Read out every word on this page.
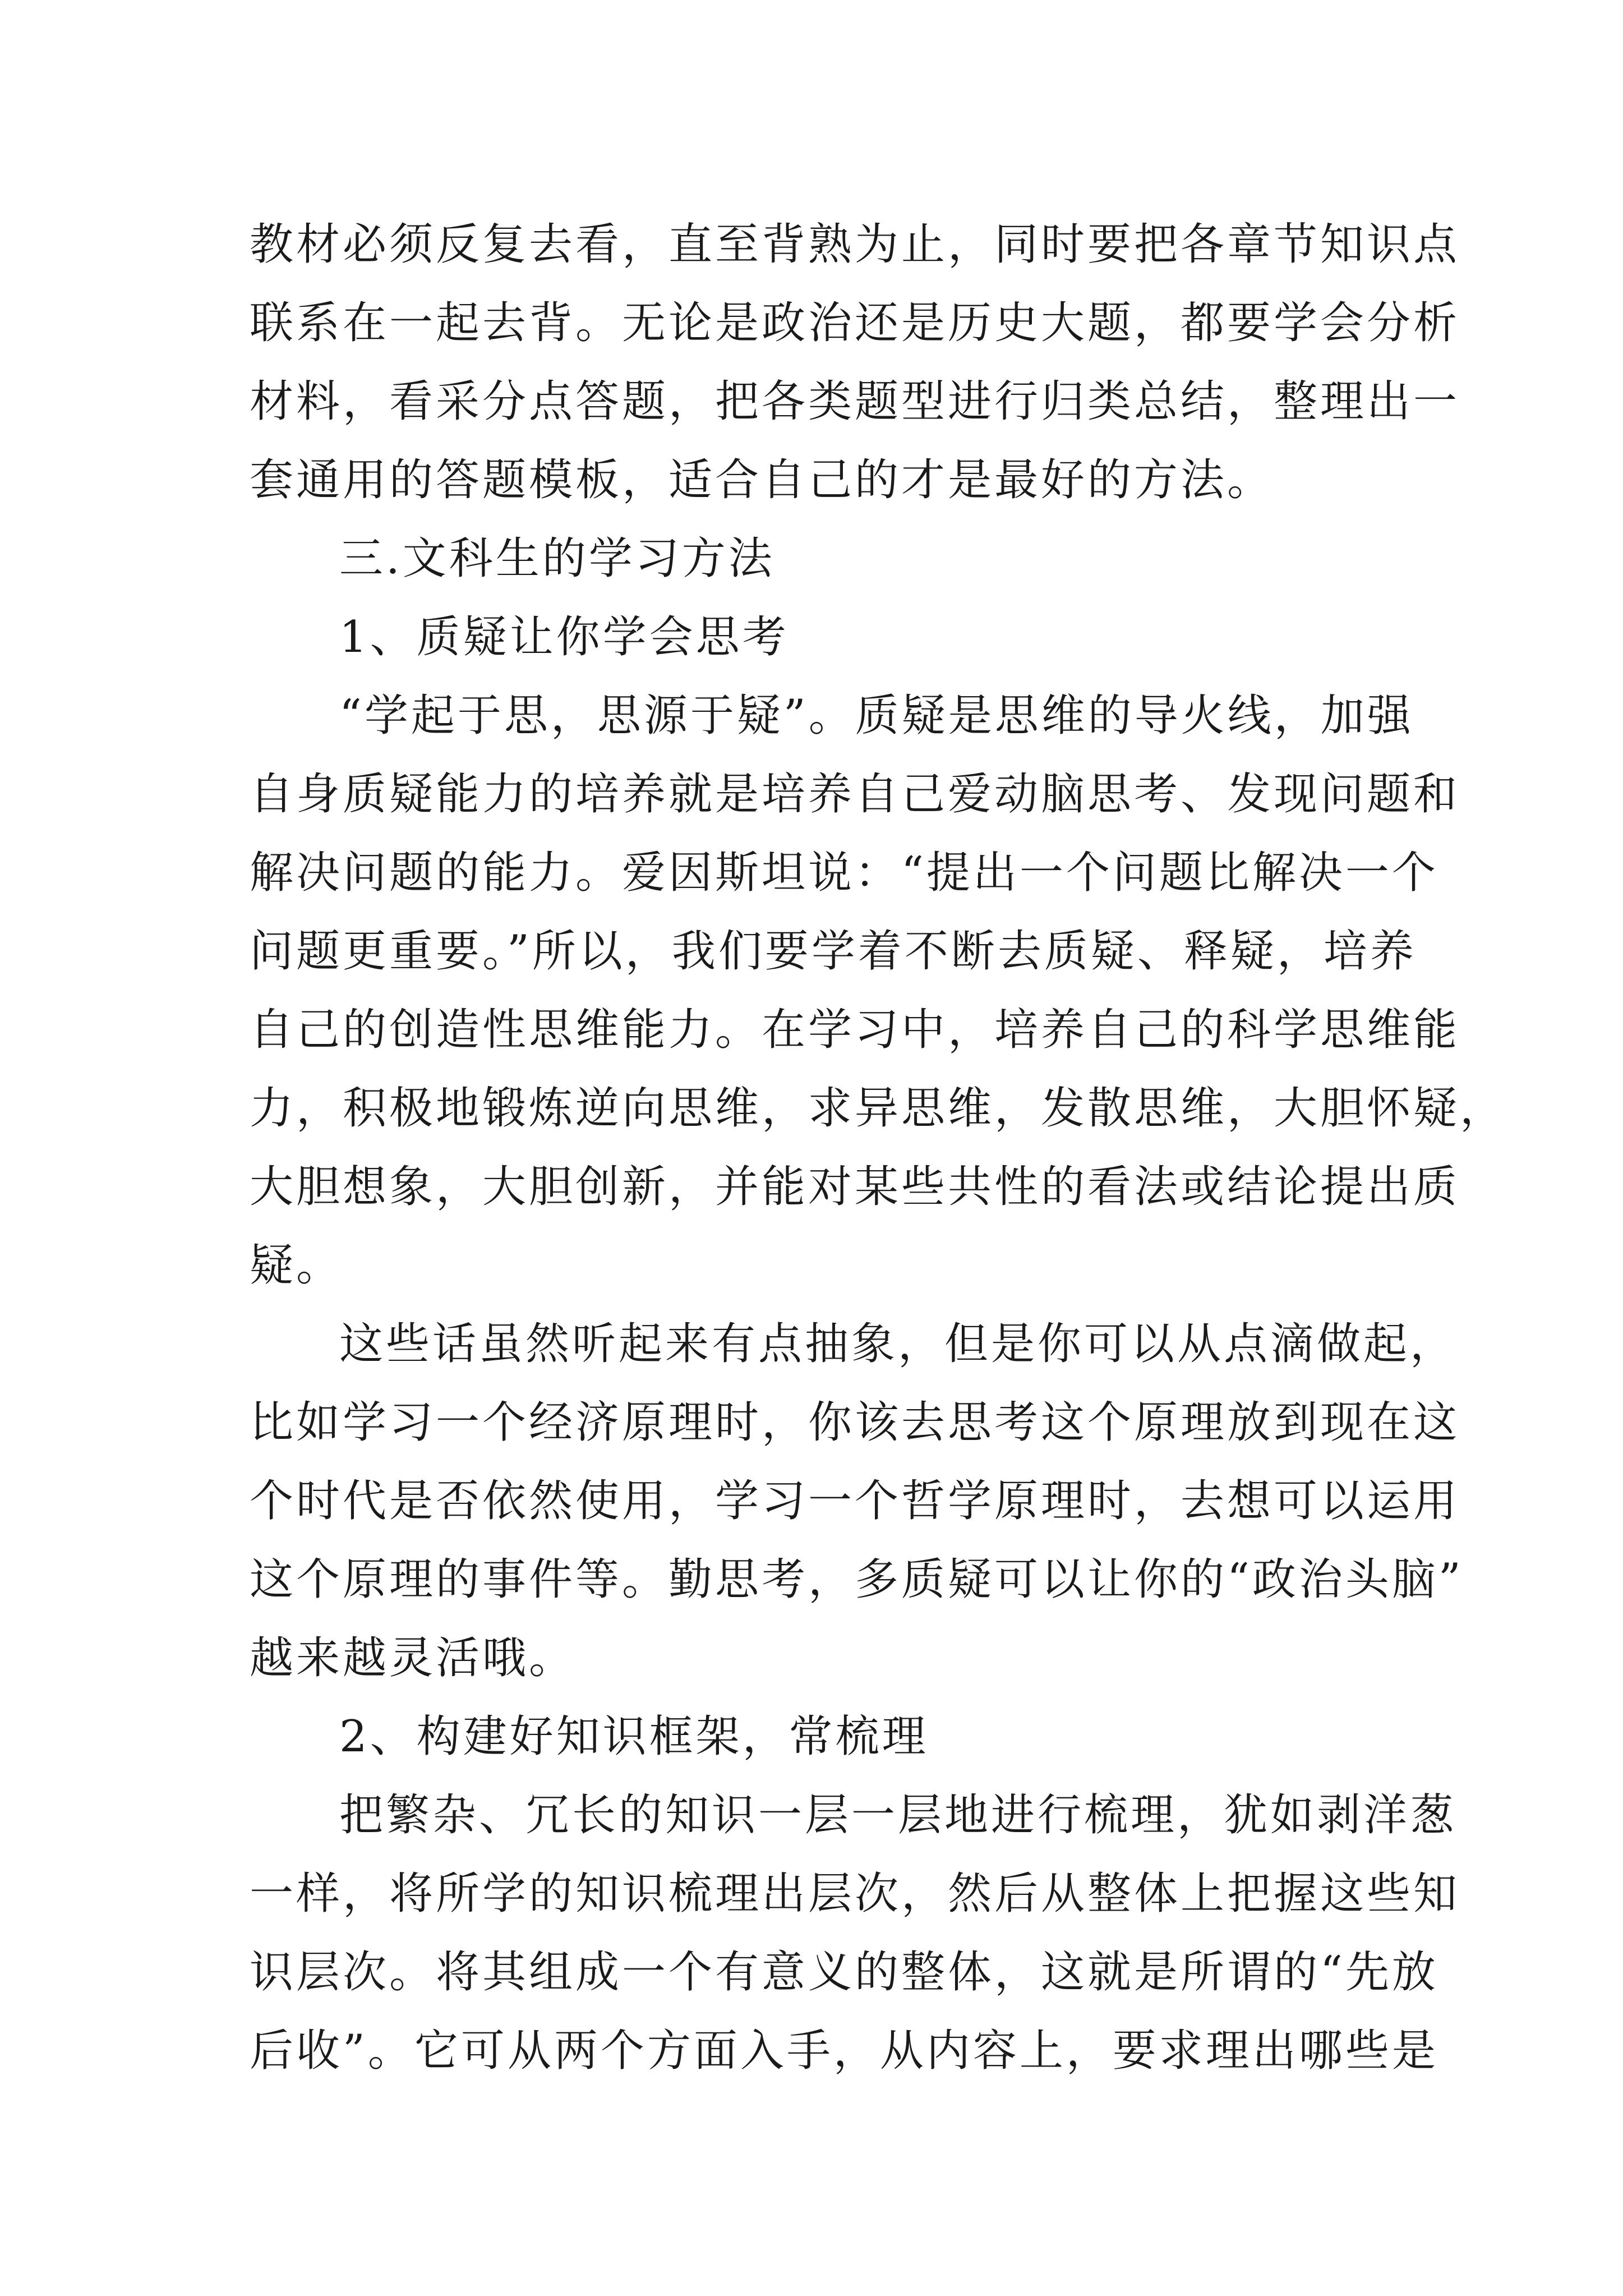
教材必须反复去看，直至背熟为止，同时要把各章节知识点
联系在一起去背。无论是政治还是历史大题，都要学会分析
材料，看采分点答题，把各类题型进行归类总结，整理出一
套通用的答题模板，适合自己的才是最好的方法。
三.文科生的学习方法
1、质疑让你学会思考
“学起于思，思源于疑”。质疑是思维的导火线，加强
自身质疑能力的培养就是培养自己爱动脑思考、发现问题和
解决问题的能力。爱因斯坦说：“提出一个问题比解决一个
问题更重要。”所以，我们要学着不断去质疑、释疑，培养
自己的创造性思维能力。在学习中，培养自己的科学思维能
力，积极地锻炼逆向思维，求异思维，发散思维，大胆怀疑，
大胆想象，大胆创新，并能对某些共性的看法或结论提出质
疑。
这些话虽然听起来有点抽象，但是你可以从点滴做起，
比如学习一个经济原理时，你该去思考这个原理放到现在这
个时代是否依然使用，学习一个哲学原理时，去想可以运用
这个原理的事件等。勤思考，多质疑可以让你的“政治头脑”
越来越灵活哦。
2、构建好知识框架，常梳理
把繁杂、冗长的知识一层一层地进行梳理，犹如剥洋葱
一样，将所学的知识梳理出层次，然后从整体上把握这些知
识层次。将其组成一个有意义的整体，这就是所谓的“先放
后收”。它可从两个方面入手，从内容上，要求理出哪些是
